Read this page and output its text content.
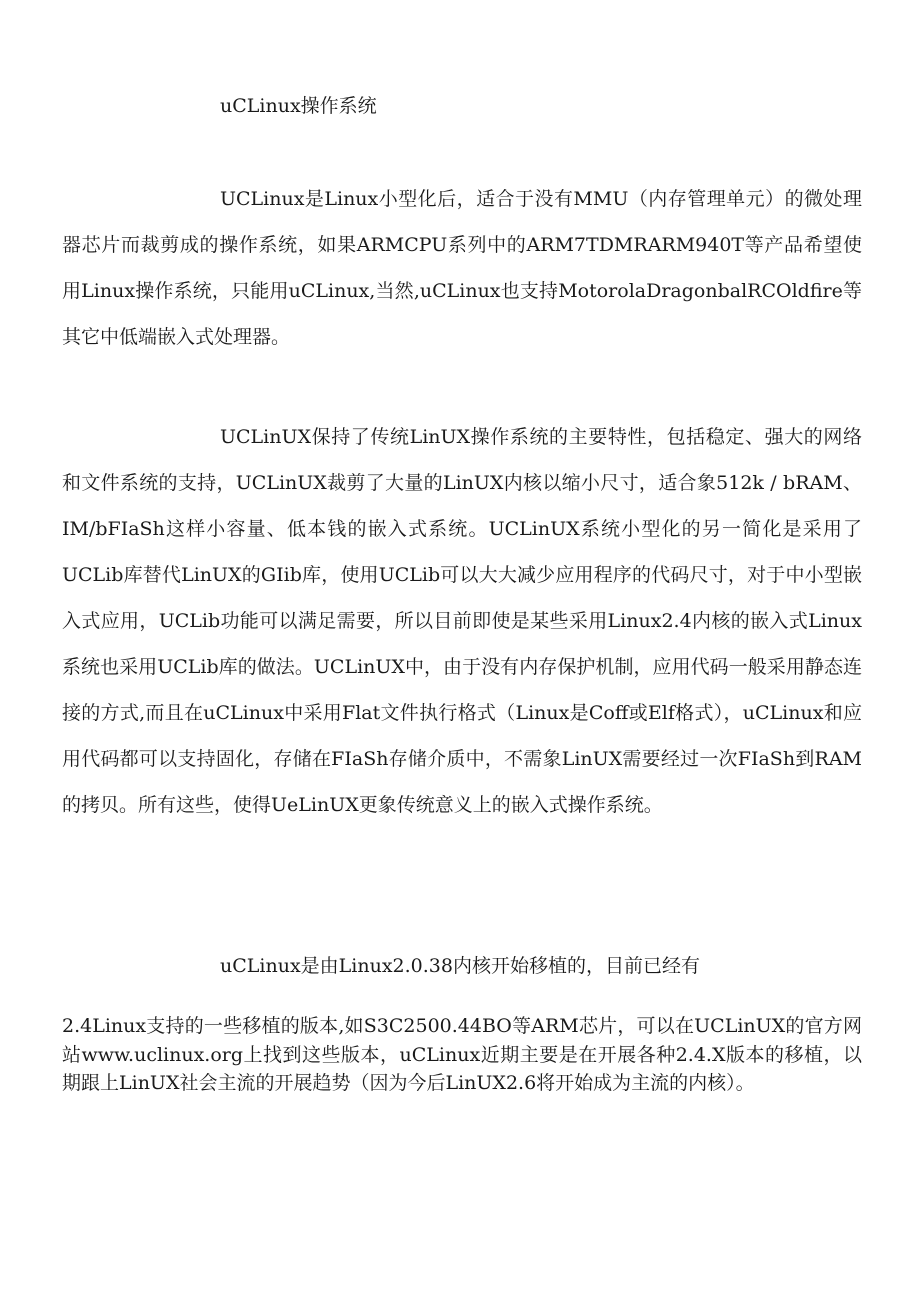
uCLinux操作系统

UCLinux是Linux小型化后，适合于没有MMU（内存管理单元）的微处理器芯片而裁剪成的操作系统，如果ARMCPU系列中的ARM7TDMRARM940T等产品希望使用Linux操作系统，只能用uCLinux,当然,uCLinux也支持MotorolaDragonbalRCOldfire等其它中低端嵌入式处理器。

UCLinUX保持了传统LinUX操作系统的主要特性，包括稳定、强大的网络和文件系统的支持，UCLinUX裁剪了大量的LinUX内核以缩小尺寸，适合象512k / bRAM、IM/bFIaSh这样小容量、低本钱的嵌入式系统。UCLinUX系统小型化的另一简化是采用了UCLib库替代LinUX的GIib库，使用UCLib可以大大减少应用程序的代码尺寸，对于中小型嵌入式应用，UCLib功能可以满足需要，所以目前即使是某些采用Linux2.4内核的嵌入式Linux系统也采用UCLib库的做法。UCLinUX中，由于没有内存保护机制，应用代码一般采用静态连接的方式,而且在uCLinux中采用Flat文件执行格式（Linux是Coff或Elf格式），uCLinux和应用代码都可以支持固化，存储在FIaSh存储介质中，不需象LinUX需要经过一次FIaSh到RAM的拷贝。所有这些，使得UeLinUX更象传统意义上的嵌入式操作系统。

uCLinux是由Linux2.0.38内核开始移植的，目前已经有

2.4Linux支持的一些移植的版本,如S3C2500.44BO等ARM芯片，可以在UCLinUX的官方网站www.uclinux.org上找到这些版本，uCLinux近期主要是在开展各种2.4.X版本的移植，以期跟上LinUX社会主流的开展趋势（因为今后LinUX2.6将开始成为主流的内核）。
